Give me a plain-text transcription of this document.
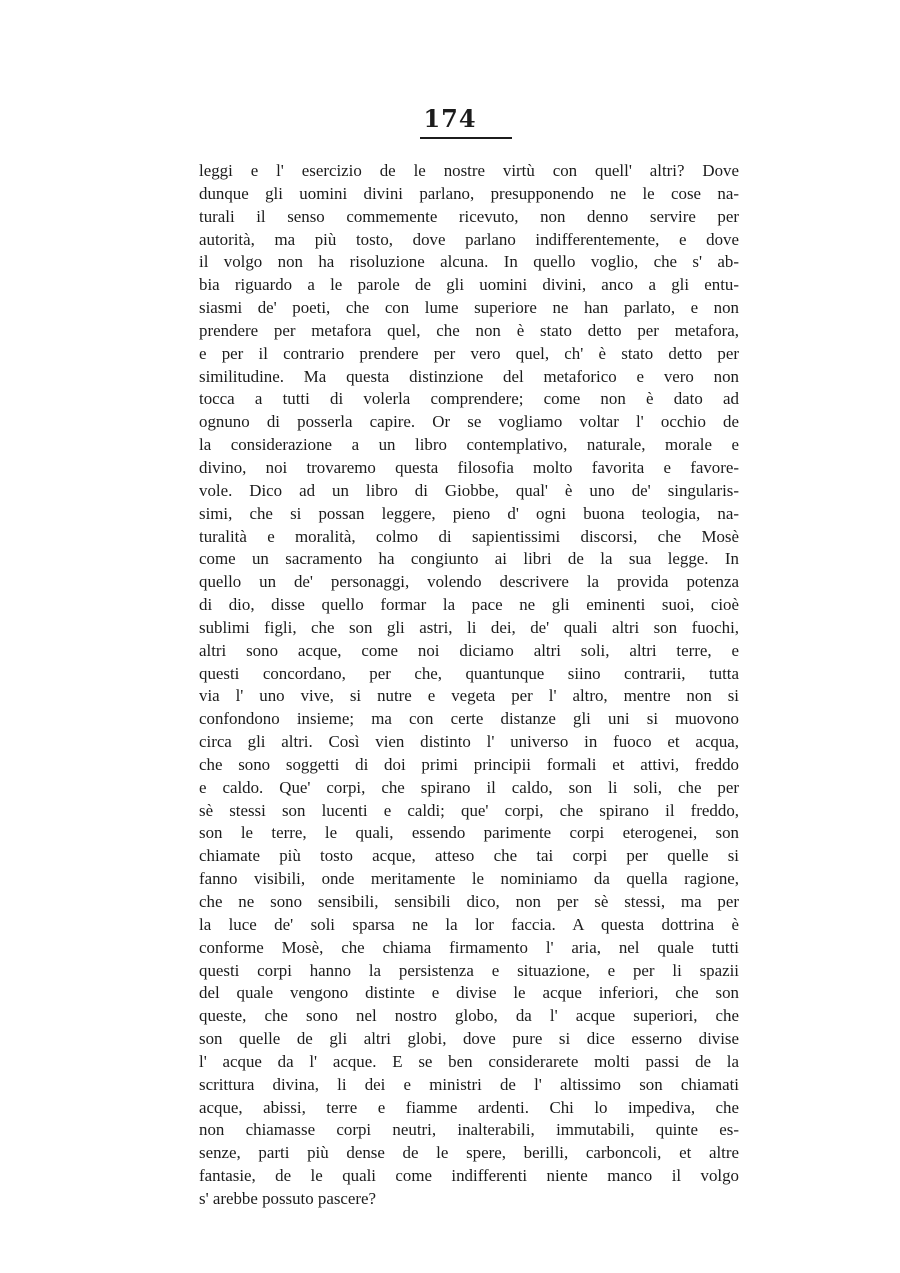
174
leggi e l' esercizio de le nostre virtù con quell' altri? Dove
dunque gli uomini divini parlano, presupponendo ne le cose na-
turali il senso commemente ricevuto, non denno servire per
autorità, ma più tosto, dove parlano indifferentemente, e dove
il volgo non ha risoluzione alcuna. In quello voglio, che s' ab-
bia riguardo a le parole de gli uomini divini, anco a gli entu-
siasmi de' poeti, che con lume superiore ne han parlato, e non
prendere per metafora quel, che non è stato detto per metafora,
e per il contrario prendere per vero quel, ch' è stato detto per
similitudine. Ma questa distinzione del metaforico e vero non
tocca a tutti di volerla comprendere; come non è dato ad
ognuno di posserla capire. Or se vogliamo voltar l' occhio de
la considerazione a un libro contemplativo, naturale, morale e
divino, noi trovaremo questa filosofia molto favorita e favore-
vole. Dico ad un libro di Giobbe, qual' è uno de' singularis-
simi, che si possan leggere, pieno d' ogni buona teologia, na-
turalità e moralità, colmo di sapientissimi discorsi, che Mosè
come un sacramento ha congiunto ai libri de la sua legge. In
quello un de' personaggi, volendo descrivere la provida potenza
di dio, disse quello formar la pace ne gli eminenti suoi, cioè
sublimi figli, che son gli astri, li dei, de' quali altri son fuochi,
altri sono acque, come noi diciamo altri soli, altri terre, e
questi concordano, per che, quantunque siino contrarii, tutta
via l' uno vive, si nutre e vegeta per l' altro, mentre non si
confondono insieme; ma con certe distanze gli uni si muovono
circa gli altri. Così vien distinto l' universo in fuoco et acqua,
che sono soggetti di doi primi principii formali et attivi, freddo
e caldo. Que' corpi, che spirano il caldo, son li soli, che per
sè stessi son lucenti e caldi; que' corpi, che spirano il freddo,
son le terre, le quali, essendo parimente corpi eterogenei, son
chiamate più tosto acque, atteso che tai corpi per quelle si
fanno visibili, onde meritamente le nominiamo da quella ragione,
che ne sono sensibili, sensibili dico, non per sè stessi, ma per
la luce de' soli sparsa ne la lor faccia. A questa dottrina è
conforme Mosè, che chiama firmamento l' aria, nel quale tutti
questi corpi hanno la persistenza e situazione, e per li spazii
del quale vengono distinte e divise le acque inferiori, che son
queste, che sono nel nostro globo, da l' acque superiori, che
son quelle de gli altri globi, dove pure si dice esserno divise
l' acque da l' acque. E se ben considerarete molti passi de la
scrittura divina, li dei e ministri de l' altissimo son chiamati
acque, abissi, terre e fiamme ardenti. Chi lo impediva, che
non chiamasse corpi neutri, inalterabili, immutabili, quinte es-
senze, parti più dense de le spere, berilli, carboncoli, et altre
fantasie, de le quali come indifferenti niente manco il volgo
s' arebbe possuto pascere?
